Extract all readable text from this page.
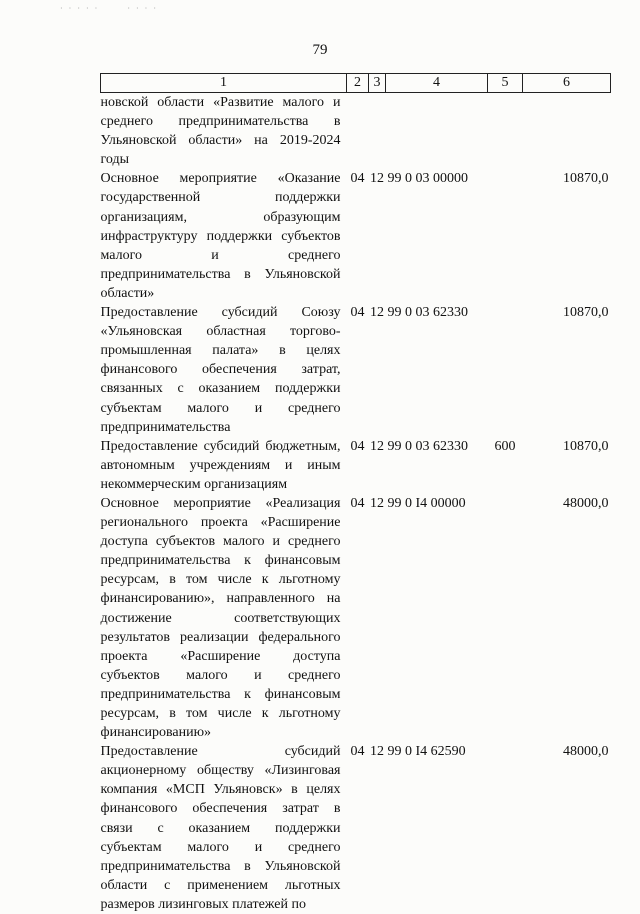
· · · · ·       · · · ·
79
1	2	3	4	5	6
новской области «Развитие малого и среднего предпринимательства в Ульяновской области» на 2019-2024 годы					
Основное мероприятие «Оказание государственной поддержки организациям, образующим инфраструктуру поддержки субъектов малого и среднего предпринимательства в Ульяновской области»	04	12	99 0 03 00000		10870,0
Предоставление субсидий Союзу «Ульяновская областная торгово-промышленная палата» в целях финансового обеспечения затрат, связанных с оказанием поддержки субъектам малого и среднего предпринимательства	04	12	99 0 03 62330		10870,0
Предоставление субсидий бюджетным, автономным учреждениям и иным некоммерческим организациям	04	12	99 0 03 62330	600	10870,0
Основное мероприятие «Реализация регионального проекта «Расширение доступа субъектов малого и среднего предпринимательства к финансовым ресурсам, в том числе к льготному финансированию», направленного на достижение соответствующих результатов реализации федерального проекта «Расширение доступа субъектов малого и среднего предпринимательства к финансовым ресурсам, в том числе к льготному финансированию»	04	12	99 0 I4 00000		48000,0
Предоставление субсидий акционерному обществу «Лизинговая компания «МСП Ульяновск» в целях финансового обеспечения затрат в связи с оказанием поддержки субъектам малого и среднего предпринимательства в Ульяновской области с применением льготных размеров лизинговых платежей по	04	12	99 0 I4 62590		48000,0
